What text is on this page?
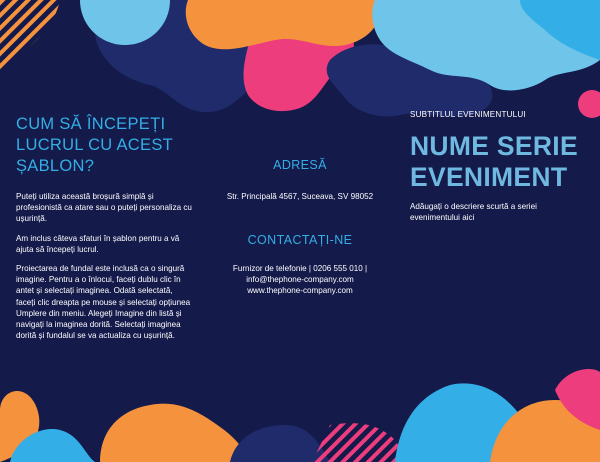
CUM SĂ ÎNCEPEȚI LUCRUL CU ACEST ȘABLON?

Puteți utiliza această broșură simplă și profesionistă ca atare sau o puteți personaliza cu ușurință.

Am inclus câteva sfaturi în șablon pentru a vă ajuta să începeți lucrul.

Proiectarea de fundal este inclusă ca o singură imagine. Pentru a o înlocui, faceți dublu clic în antet și selectați imaginea. Odată selectată, faceți clic dreapta pe mouse și selectați opțiunea Umplere din meniu. Alegeți Imagine din listă și navigați la imaginea dorită. Selectați imaginea dorită și fundalul se va actualiza cu ușurință.

ADRESĂ

Str. Principală 4567, Suceava, SV 98052

CONTACTAȚI-NE

Furnizor de telefonie | 0206 555 010 |

info@thephone-company.com

www.thephone-company.com

SUBTITLUL EVENIMENTULUI

NUME SERIE EVENIMENT

Adăugați o descriere scurtă a seriei evenimentului aici
